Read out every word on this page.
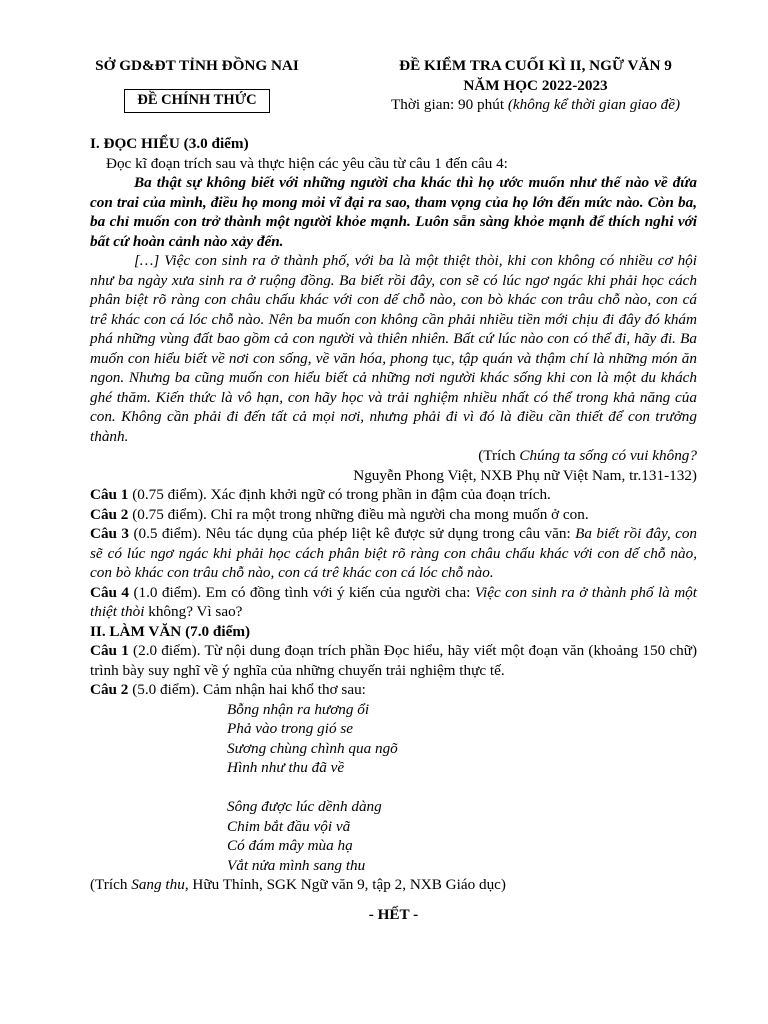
SỞ GD&ĐT TỈNH ĐỒNG NAI
ĐỀ CHÍNH THỨC
ĐỀ KIỂM TRA CUỐI KÌ II, NGỮ VĂN 9
NĂM HỌC 2022-2023
Thời gian: 90 phút (không kể thời gian giao đề)

I. ĐỌC HIỂU (3.0 điểm)

Đọc kĩ đoạn trích sau và thực hiện các yêu cầu từ câu 1 đến câu 4:

Ba thật sự không biết với những người cha khác thì họ ước muốn như thế nào về đứa con trai của mình, điều họ mong mỏi vĩ đại ra sao, tham vọng của họ lớn đến mức nào. Còn ba, ba chỉ muốn con trở thành một người khỏe mạnh. Luôn sẵn sàng khỏe mạnh để thích nghi với bất cứ hoàn cảnh nào xảy đến.

[…] Việc con sinh ra ở thành phố, với ba là một thiệt thòi, khi con không có nhiều cơ hội như ba ngày xưa sinh ra ở ruộng đồng. Ba biết rồi đây, con sẽ có lúc ngơ ngác khi phải học cách phân biệt rõ ràng con châu chấu khác với con dế chỗ nào, con bò khác con trâu chỗ nào, con cá trê khác con cá lóc chỗ nào. Nên ba muốn con không cần phải nhiều tiền mới chịu đi đây đó khám phá những vùng đất bao gồm cả con người và thiên nhiên. Bất cứ lúc nào con có thể đi, hãy đi. Ba muốn con hiểu biết về nơi con sống, về văn hóa, phong tục, tập quán và thậm chí là những món ăn ngon. Nhưng ba cũng muốn con hiểu biết cả những nơi người khác sống khi con là một du khách ghé thăm. Kiến thức là vô hạn, con hãy học và trải nghiệm nhiều nhất có thể trong khả năng của con. Không cần phải đi đến tất cả mọi nơi, nhưng phải đi vì đó là điều cần thiết để con trưởng thành.

(Trích Chúng ta sống có vui không?

Nguyễn Phong Việt, NXB Phụ nữ Việt Nam, tr.131-132)

Câu 1 (0.75 điểm). Xác định khởi ngữ có trong phần in đậm của đoạn trích.

Câu 2 (0.75 điểm). Chỉ ra một trong những điều mà người cha mong muốn ở con.

Câu 3 (0.5 điểm). Nêu tác dụng của phép liệt kê được sử dụng trong câu văn: Ba biết rồi đây, con sẽ có lúc ngơ ngác khi phải học cách phân biệt rõ ràng con châu chấu khác với con dế chỗ nào, con bò khác con trâu chỗ nào, con cá trê khác con cá lóc chỗ nào.

Câu 4 (1.0 điểm). Em có đồng tình với ý kiến của người cha: Việc con sinh ra ở thành phố là một thiệt thòi không? Vì sao?

II. LÀM VĂN (7.0 điểm)

Câu 1 (2.0 điểm). Từ nội dung đoạn trích phần Đọc hiểu, hãy viết một đoạn văn (khoảng 150 chữ) trình bày suy nghĩ về ý nghĩa của những chuyến trải nghiệm thực tế.

Câu 2 (5.0 điểm). Cảm nhận hai khổ thơ sau:

Bỗng nhận ra hương ổi
Phả vào trong gió se
Sương chùng chình qua ngõ
Hình như thu đã về
Sông được lúc dềnh dàng
Chim bắt đầu vội vã
Có đám mây mùa hạ
Vắt nửa mình sang thu

(Trích Sang thu, Hữu Thỉnh, SGK Ngữ văn 9, tập 2, NXB Giáo dục)

- HẾT -
